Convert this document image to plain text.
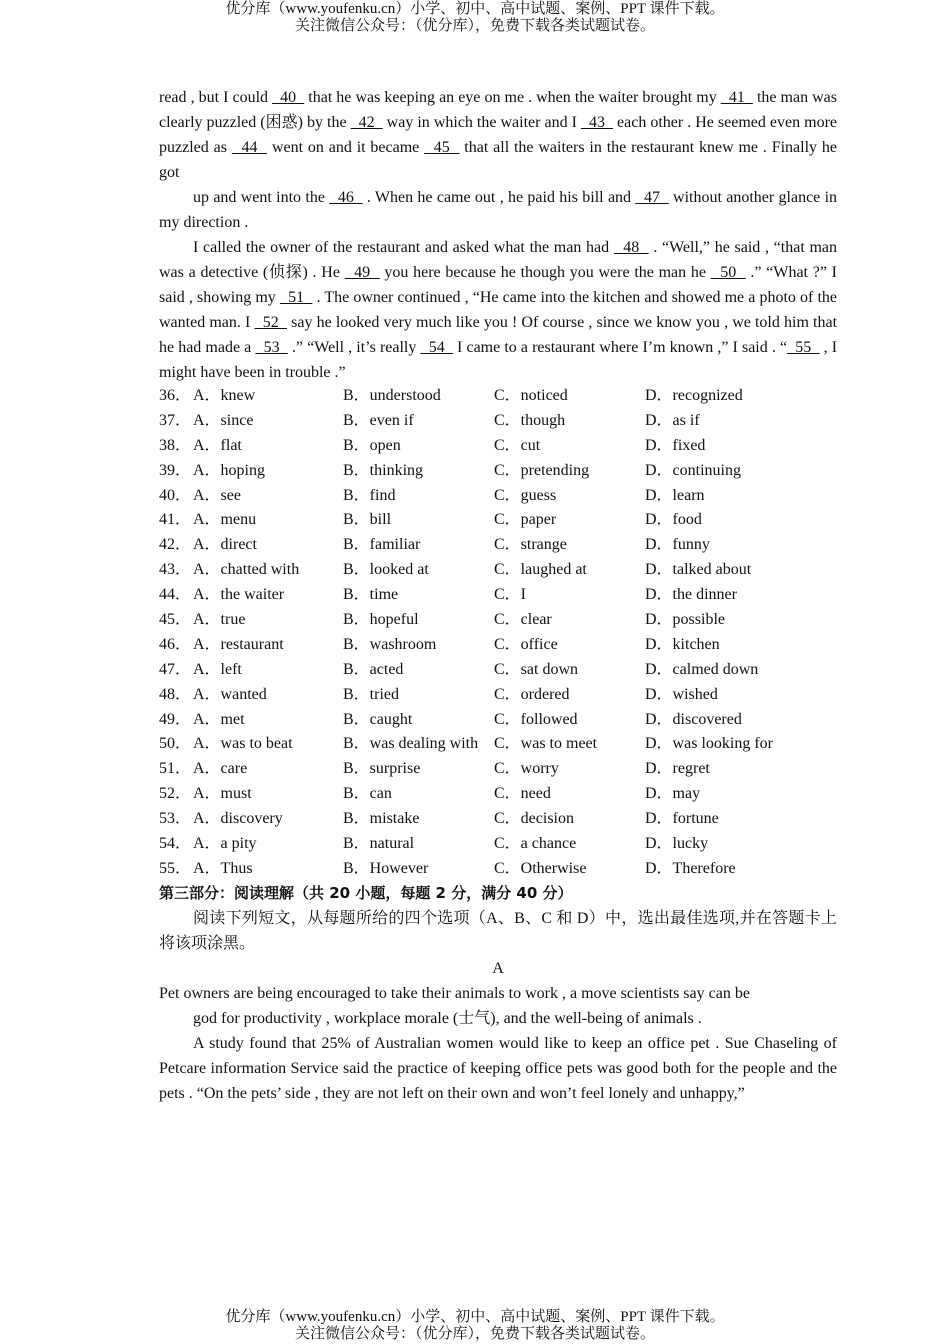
优分库（www.youfenku.cn）小学、初中、高中试题、案例、PPT 课件下载。
关注微信公众号：（优分库），免费下载各类试题试卷。

read , but I could   40   that he was keeping an eye on me . when the waiter brought my   41   the man was clearly puzzled (困惑) by the   42   way in which the waiter and I   43   each other . He seemed even more puzzled as   44   went on and it became   45   that all the waiters in the restaurant knew me . Finally he got

up and went into the   46   . When he came out , he paid his bill and   47   without another glance in my direction .

I called the owner of the restaurant and asked what the man had   48   . “Well,” he said , “that man was a detective (侦探) . He   49   you here because he though you were the man he   50   .” “What ?” I said , showing my   51   . The owner continued , “He came into the kitchen and showed me a photo of the wanted man. I   52   say he looked very much like you ! Of course , since we know you , we told him that he had made a   53   .” “Well , it’s really   54   I came to a restaurant where I’m known ,” I said . “  55   , I might have been in trouble .”

36． A．knew	B．understood	C．noticed	D．recognized
37． A．since	B．even if	C．though	D．as if
38． A．flat	B．open	C．cut	D．fixed
39． A．hoping	B．thinking	C．pretending	D．continuing
40． A．see	B．find	C．guess	D．learn
41． A．menu	B．bill	C．paper	D．food
42． A．direct	B．familiar	C．strange	D．funny
43． A．chatted with	B．looked at	C．laughed at	D．talked about
44． A．the waiter	B．time	C．I	D．the dinner
45． A．true	B．hopeful	C．clear	D．possible
46． A．restaurant	B．washroom	C．office	D．kitchen
47． A．left	B．acted	C．sat down	D．calmed down
48． A．wanted	B．tried	C．ordered	D．wished
49． A．met	B．caught	C．followed	D．discovered
50． A．was to beat	B．was dealing with C．was to meet	D．was looking for
51． A．care	B．surprise	C．worry	D．regret
52． A．must	B．can	C．need	D．may
53． A．discovery	B．mistake	C．decision	D．fortune
54． A．a pity	B．natural	C．a chance	D．lucky
55． A．Thus	B．However	C．Otherwise	D．Therefore

第三部分：阅读理解（共 20 小题，每题 2 分，满分 40 分）

阅读下列短文，从每题所给的四个选项（A、B、C 和 D）中，选出最佳选项,并在答题卡上将该项涂黑。

A

Pet owners are being encouraged to take their animals to work , a move scientists say can be

god for productivity , workplace morale (士气), and the well-being of animals .

A study found that 25% of Australian women would like to keep an office pet . Sue Chaseling of Petcare information Service said the practice of keeping office pets was good both for the people and the pets . “On the pets’ side , they are not left on their own and won’t feel lonely and unhappy,”

优分库（www.youfenku.cn）小学、初中、高中试题、案例、PPT 课件下载。
关注微信公众号：（优分库），免费下载各类试题试卷。
